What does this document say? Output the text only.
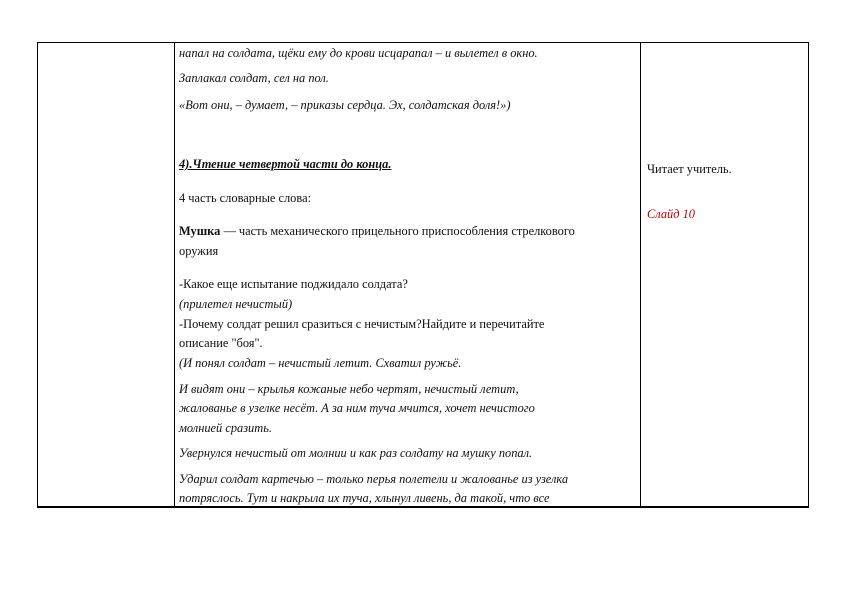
напал на солдата, щёки ему до крови исцарапал – и вылетел в окно.
Заплакал солдат, сел на пол.
«Вот они, – думает, – приказы сердца. Эх, солдатская доля!»)
4).Чтение четвертой части до конца.
4 часть словарные слова:
Мушка — часть механического прицельного приспособления стрелкового
оружия
-Какое еще испытание поджидало солдата?
(прилетел нечистый)
-Почему солдат решил сразиться с нечистым?Найдите и перечитайте
описание "боя".
(И понял солдат – нечистый летит. Схватил ружьё.
И видят они – крылья кожаные небо чертят, нечистый летит,
жалованье в узелке несёт. А за ним туча мчится, хочет нечистого
молнией сразить.
Увернулся нечистый от молнии и как раз солдату на мушку попал.
Ударил солдат картечью – только перья полетели и жалованье из узелка
потряслось. Тут и накрыла их туча, хлынул ливень, да такой, что все
Читает учитель.
Слайд 10
